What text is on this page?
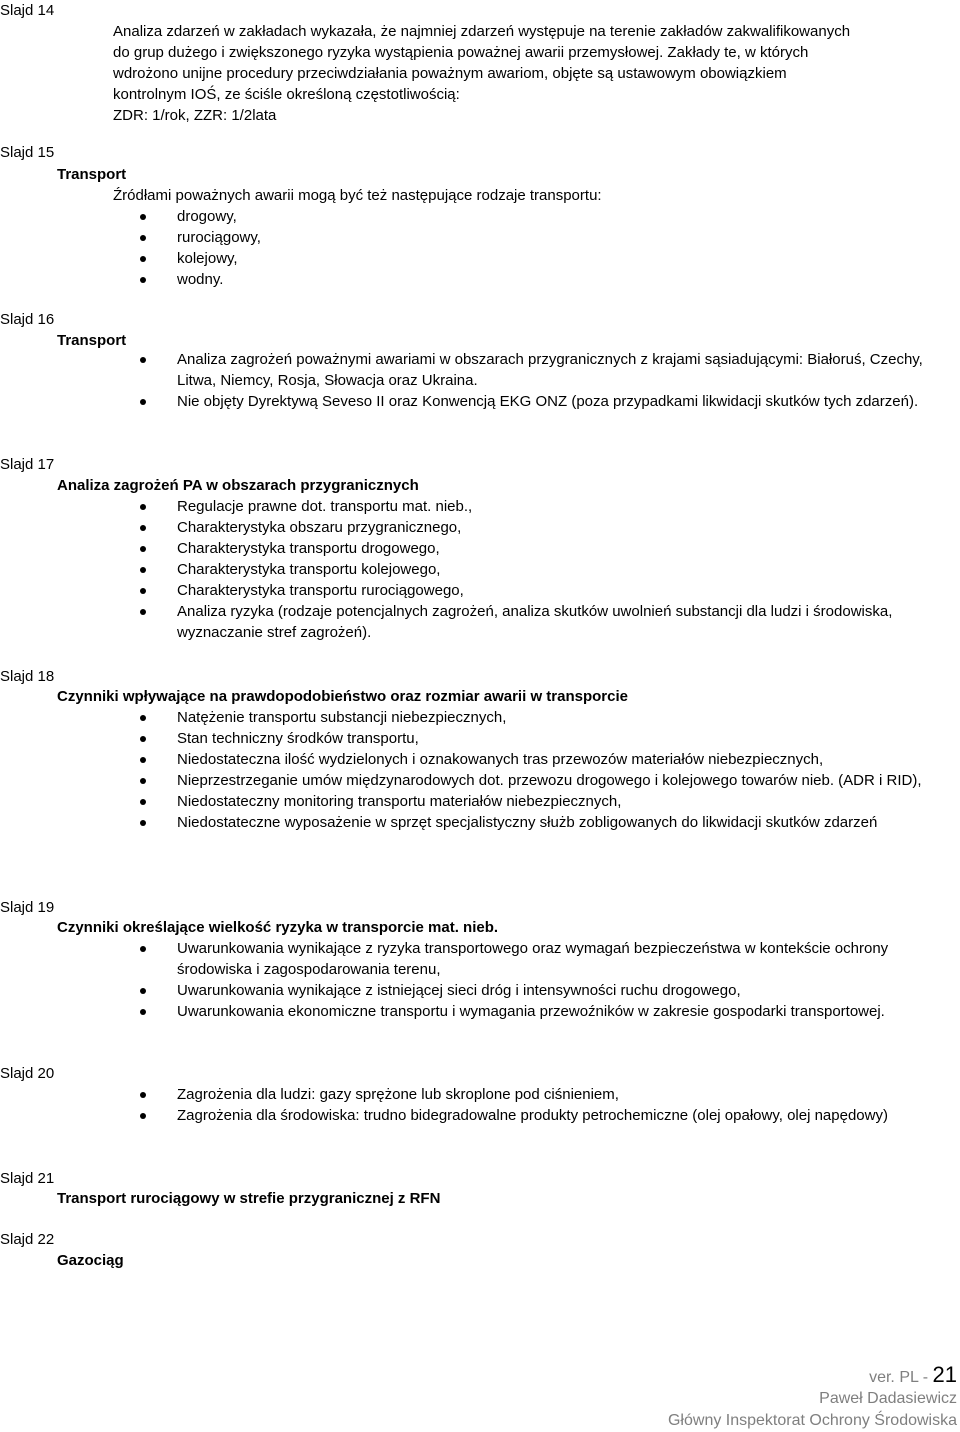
Slajd 14

Analiza zdarzeń w zakładach wykazała, że najmniej zdarzeń występuje na terenie zakładów zakwalifikowanych do grup dużego i zwiększonego ryzyka wystąpienia poważnej awarii przemysłowej. Zakłady te, w których wdrożono unijne procedury przeciwdziałania poważnym awariom, objęte są ustawowym obowiązkiem kontrolnym IOŚ, ze ściśle określoną częstotliwością:

ZDR: 1/rok, ZZR: 1/2lata
Slajd 15
Transport
Źródłami poważnych awarii mogą być też następujące rodzaje transportu:
drogowy,
rurociągowy,
kolejowy,
wodny.
Slajd 16
Transport
Analiza zagrożeń poważnymi awariami w obszarach przygranicznych z krajami sąsiadującymi: Białoruś, Czechy, Litwa, Niemcy, Rosja, Słowacja oraz Ukraina.
Nie objęty Dyrektywą Seveso II oraz Konwencją EKG ONZ (poza przypadkami likwidacji skutków tych zdarzeń).
Slajd 17
Analiza zagrożeń PA w obszarach przygranicznych
Regulacje prawne dot. transportu mat. nieb.,
Charakterystyka obszaru przygranicznego,
Charakterystyka transportu drogowego,
Charakterystyka transportu kolejowego,
Charakterystyka transportu rurociągowego,
Analiza ryzyka (rodzaje potencjalnych zagrożeń, analiza skutków uwolnień substancji dla ludzi i środowiska, wyznaczanie stref zagrożeń).
Slajd 18
Czynniki wpływające na prawdopodobieństwo oraz rozmiar awarii w transporcie
Natężenie transportu substancji niebezpiecznych,
Stan techniczny środków transportu,
Niedostateczna ilość wydzielonych i oznakowanych tras przewozów materiałów niebezpiecznych,
Nieprzestrzeganie umów międzynarodowych dot. przewozu drogowego i kolejowego towarów nieb. (ADR i RID),
Niedostateczny monitoring transportu materiałów niebezpiecznych,
Niedostateczne wyposażenie w sprzęt specjalistyczny służb zobligowanych do likwidacji skutków zdarzeń
Slajd 19
Czynniki określające wielkość ryzyka w transporcie mat. nieb.
Uwarunkowania wynikające z ryzyka transportowego oraz wymagań bezpieczeństwa w kontekście ochrony środowiska i zagospodarowania terenu,
Uwarunkowania wynikające z istniejącej sieci dróg i intensywności ruchu drogowego,
Uwarunkowania ekonomiczne transportu i wymagania przewoźników w zakresie gospodarki transportowej.
Slajd 20
Zagrożenia dla ludzi: gazy sprężone lub skroplone pod ciśnieniem,
Zagrożenia dla środowiska: trudno bidegradowalne produkty petrochemiczne (olej opałowy, olej napędowy)
Slajd 21
Transport rurociągowy w strefie przygranicznej z RFN
Slajd 22
Gazociąg
ver. PL - 21
Paweł Dadasiewicz
Główny Inspektorat Ochrony Środowiska
